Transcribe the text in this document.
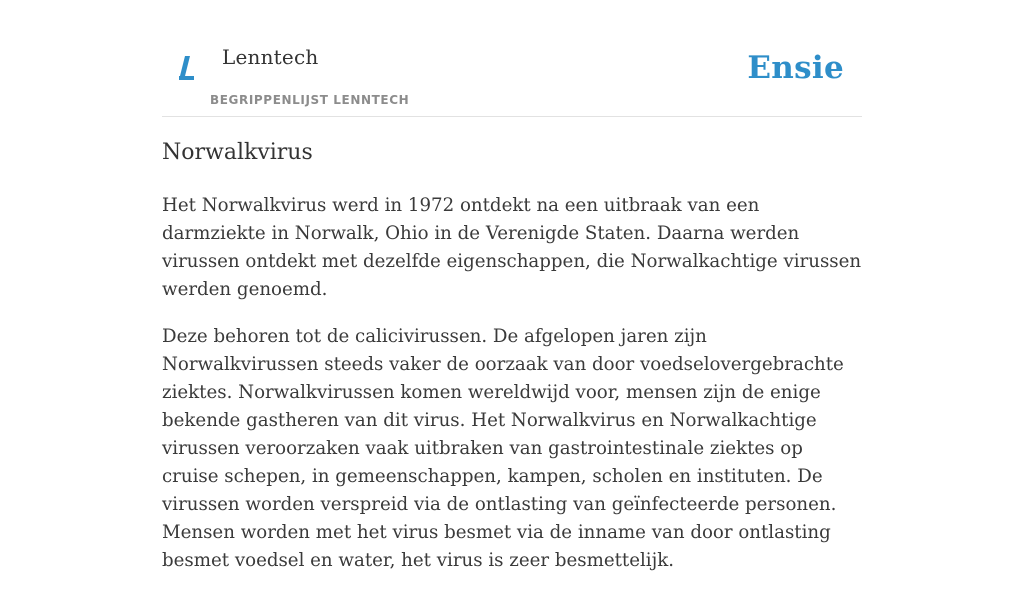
Lenntech
BEGRIPPENLIJST LENNTECH
Ensie
Norwalkvirus

Het Norwalkvirus werd in 1972 ontdekt na een uitbraak van een darmziekte in Norwalk, Ohio in de Verenigde Staten. Daarna werden virussen ontdekt met dezelfde eigenschappen, die Norwalkachtige virussen werden genoemd.

Deze behoren tot de calicivirussen. De afgelopen jaren zijn Norwalkvirussen steeds vaker de oorzaak van door voedselovergebrachte ziektes. Norwalkvirussen komen wereldwijd voor, mensen zijn de enige bekende gastheren van dit virus. Het Norwalkvirus en Norwalkachtige virussen veroorzaken vaak uitbraken van gastrointestinale ziektes op cruise schepen, in gemeenschappen, kampen, scholen en instituten. De virussen worden verspreid via de ontlasting van geïnfecteerde personen. Mensen worden met het virus besmet via de inname van door ontlasting besmet voedsel en water, het virus is zeer besmettelijk.
